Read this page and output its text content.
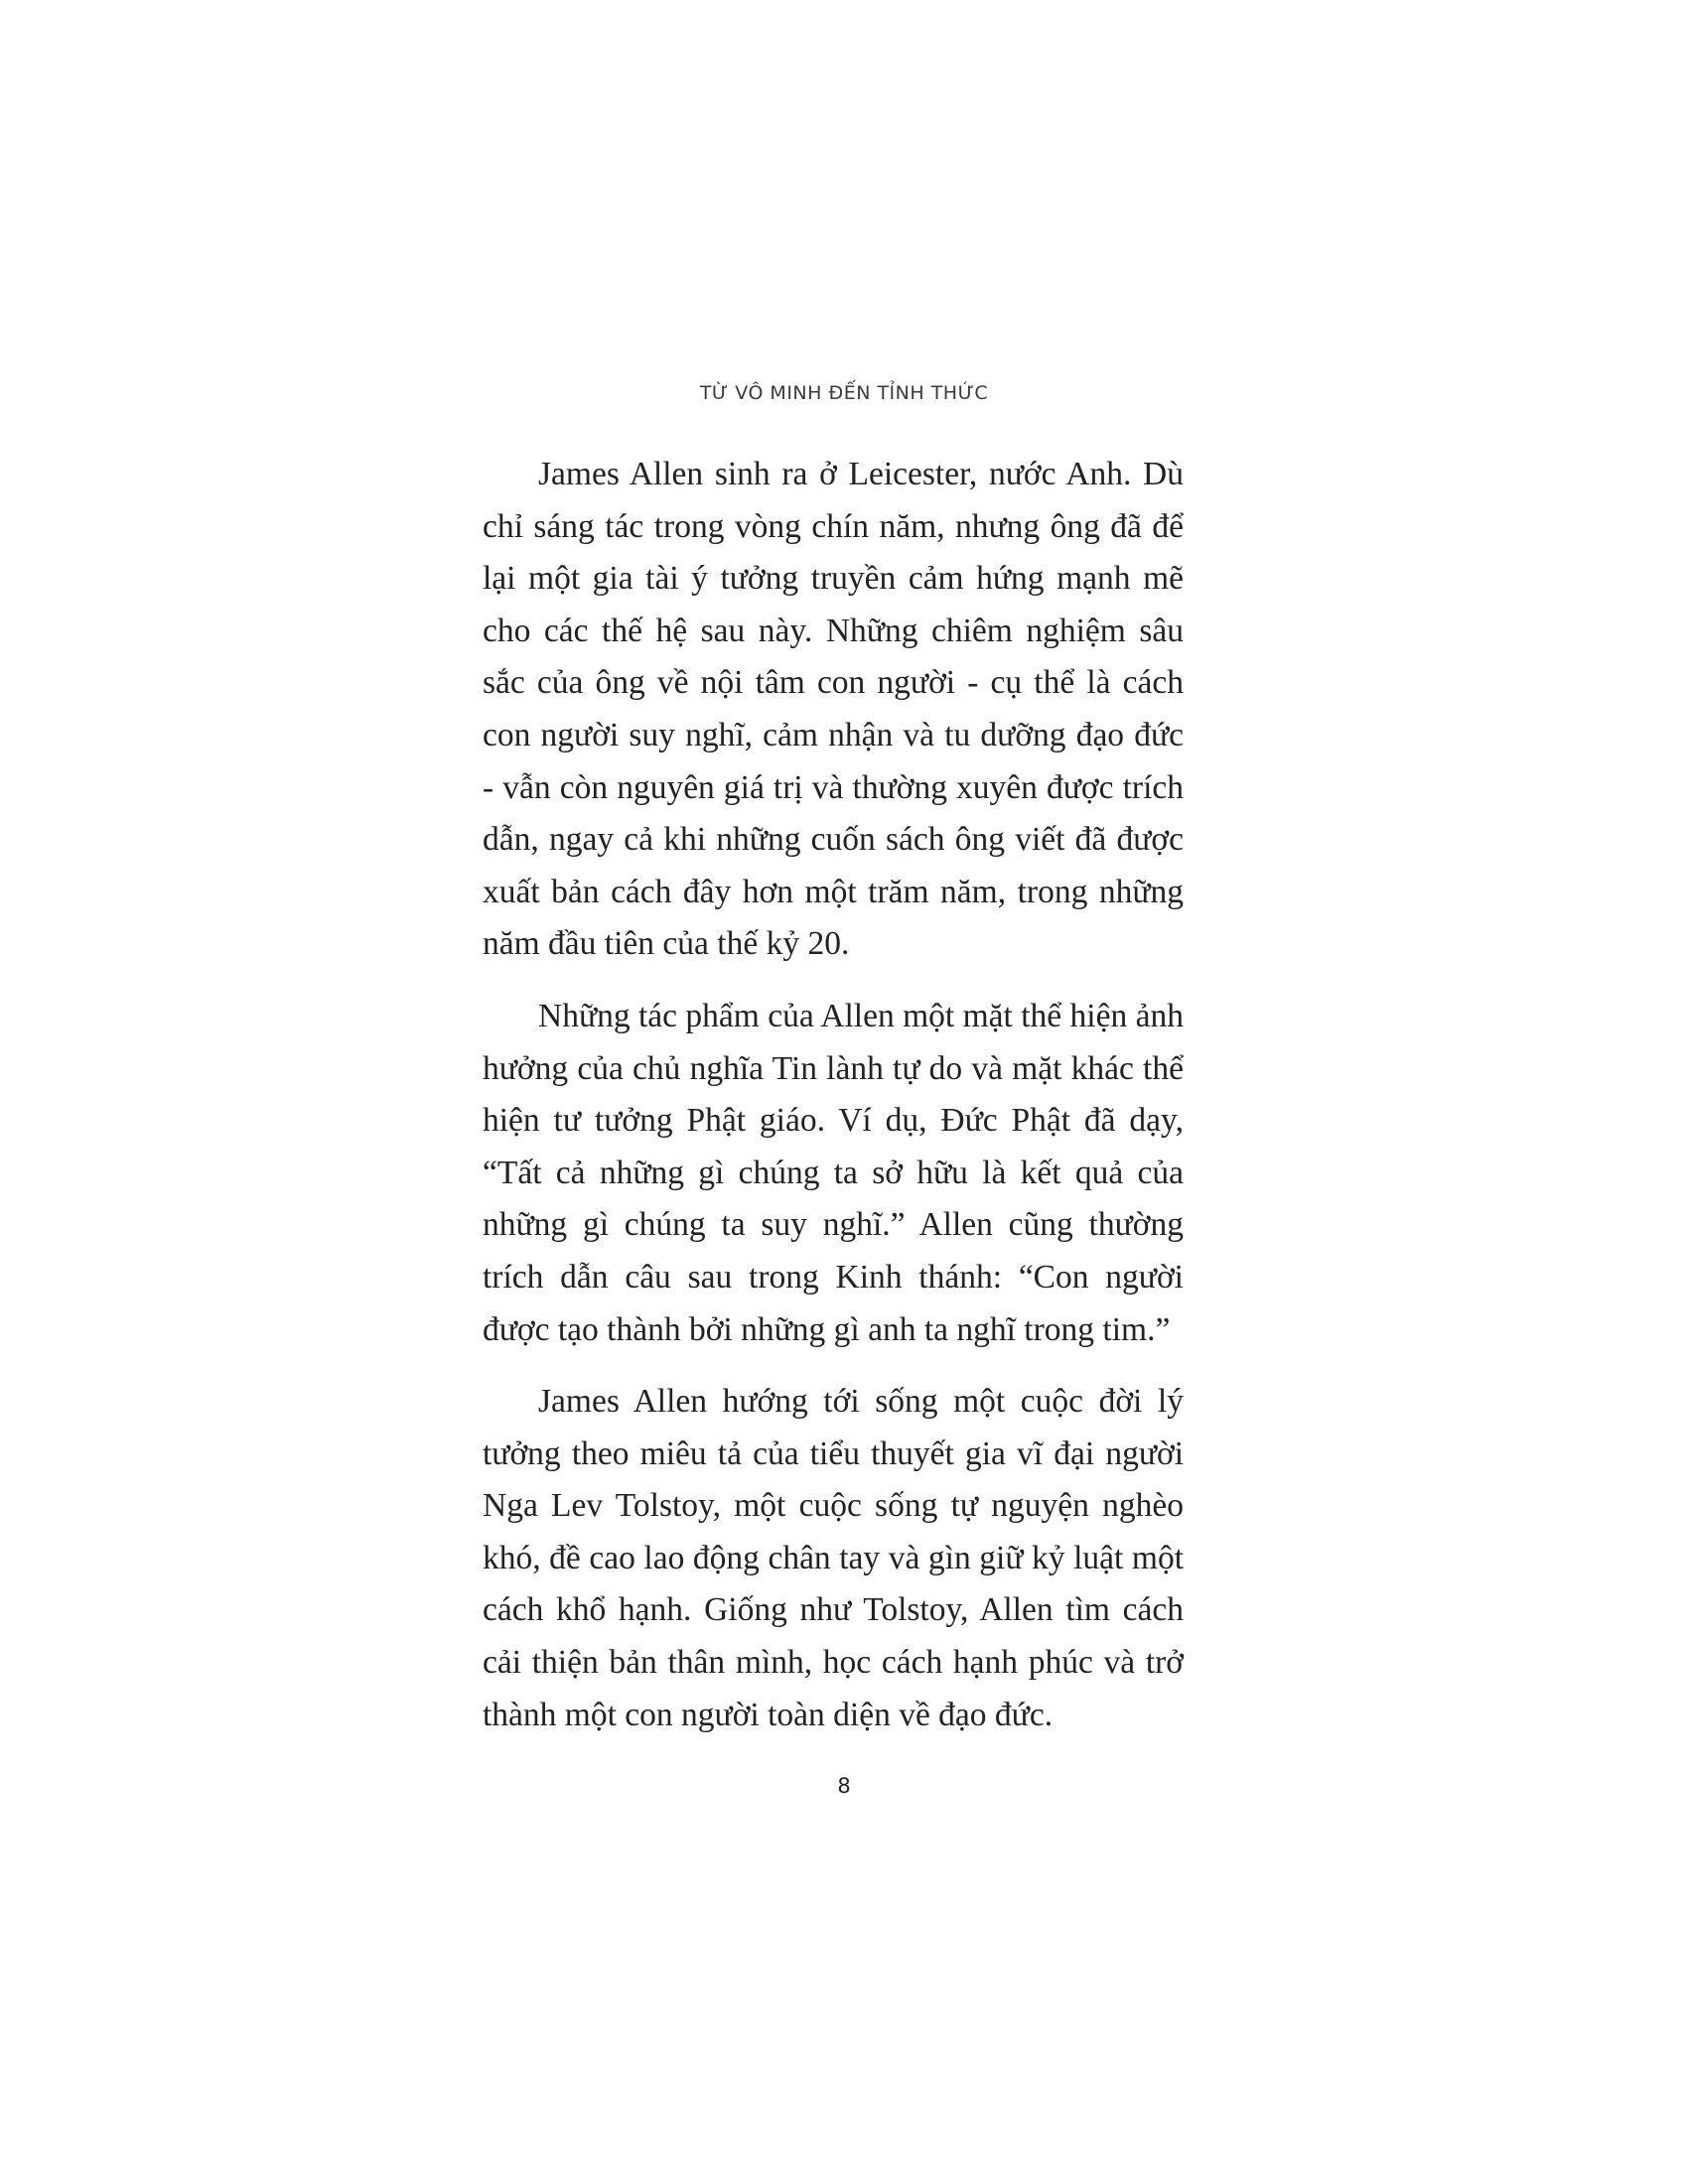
TỪ VÔ MINH ĐẾN TỈNH THỨC

James Allen sinh ra ở Leicester, nước Anh. Dù chỉ sáng tác trong vòng chín năm, nhưng ông đã để lại một gia tài ý tưởng truyền cảm hứng mạnh mẽ cho các thế hệ sau này. Những chiêm nghiệm sâu sắc của ông về nội tâm con người - cụ thể là cách con người suy nghĩ, cảm nhận và tu dưỡng đạo đức - vẫn còn nguyên giá trị và thường xuyên được trích dẫn, ngay cả khi những cuốn sách ông viết đã được xuất bản cách đây hơn một trăm năm, trong những năm đầu tiên của thế kỷ 20.

Những tác phẩm của Allen một mặt thể hiện ảnh hưởng của chủ nghĩa Tin lành tự do và mặt khác thể hiện tư tưởng Phật giáo. Ví dụ, Đức Phật đã dạy, “Tất cả những gì chúng ta sở hữu là kết quả của những gì chúng ta suy nghĩ.” Allen cũng thường trích dẫn câu sau trong Kinh thánh: “Con người được tạo thành bởi những gì anh ta nghĩ trong tim.”

James Allen hướng tới sống một cuộc đời lý tưởng theo miêu tả của tiểu thuyết gia vĩ đại người Nga Lev Tolstoy, một cuộc sống tự nguyện nghèo khó, đề cao lao động chân tay và gìn giữ kỷ luật một cách khổ hạnh. Giống như Tolstoy, Allen tìm cách cải thiện bản thân mình, học cách hạnh phúc và trở thành một con người toàn diện về đạo đức.

8
